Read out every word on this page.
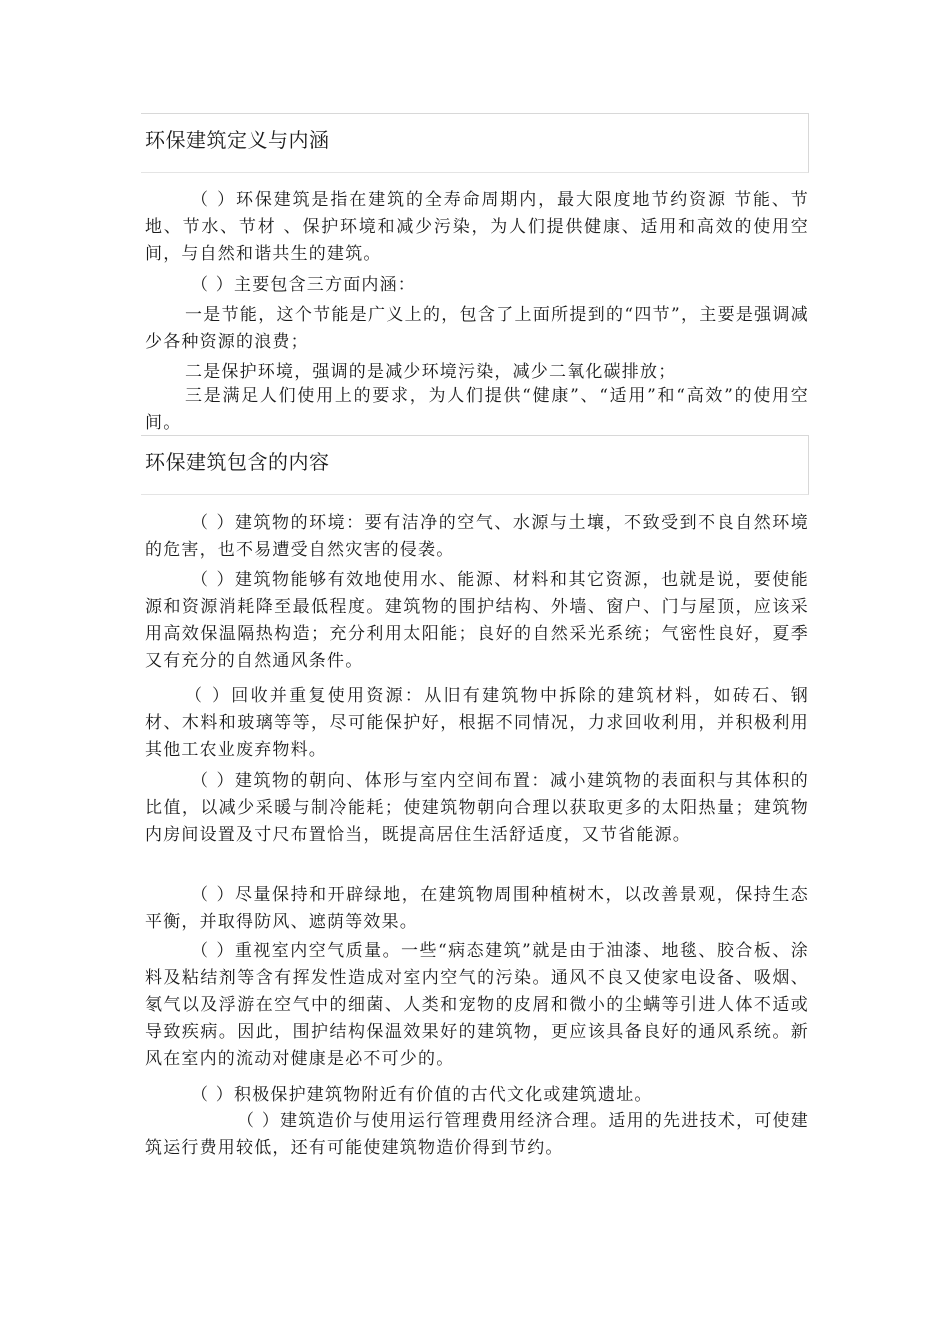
环保建筑定义与内涵

（ ）环保建筑是指在建筑的全寿命周期内，最大限度地节约资源 节能、节地、节水、节材 、保护环境和减少污染，为人们提供健康、适用和高效的使用空间，与自然和谐共生的建筑。

（ ）主要包含三方面内涵：

一是节能，这个节能是广义上的，包含了上面所提到的“四节”，主要是强调减少各种资源的浪费；

二是保护环境，强调的是减少环境污染，减少二氧化碳排放；

三是满足人们使用上的要求，为人们提供“健康”、“适用”和“高效”的使用空间。

环保建筑包含的内容

（ ）建筑物的环境：要有洁净的空气、水源与土壤，不致受到不良自然环境的危害，也不易遭受自然灾害的侵袭。

（ ）建筑物能够有效地使用水、能源、材料和其它资源，也就是说，要使能源和资源消耗降至最低程度。建筑物的围护结构、外墙、窗户、门与屋顶，应该采用高效保温隔热构造；充分利用太阳能；良好的自然采光系统；气密性良好，夏季又有充分的自然通风条件。

（ ）回收并重复使用资源：从旧有建筑物中拆除的建筑材料，如砖石、钢材、木料和玻璃等等，尽可能保护好，根据不同情况，力求回收利用，并积极利用其他工农业废弃物料。

（ ）建筑物的朝向、体形与室内空间布置：减小建筑物的表面积与其体积的比值，以减少采暖与制冷能耗；使建筑物朝向合理以获取更多的太阳热量；建筑物内房间设置及寸尺布置恰当，既提高居住生活舒适度，又节省能源。

（ ）尽量保持和开辟绿地，在建筑物周围种植树木，以改善景观，保持生态平衡，并取得防风、遮荫等效果。

（ ）重视室内空气质量。一些“病态建筑”就是由于油漆、地毯、胶合板、涂料及粘结剂等含有挥发性造成对室内空气的污染。通风不良又使家电设备、吸烟、氡气以及浮游在空气中的细菌、人类和宠物的皮屑和微小的尘螨等引进人体不适或导致疾病。因此，围护结构保温效果好的建筑物，更应该具备良好的通风系统。新风在室内的流动对健康是必不可少的。

（ ）积极保护建筑物附近有价值的古代文化或建筑遗址。

（ ）建筑造价与使用运行管理费用经济合理。适用的先进技术，可使建筑运行费用较低，还有可能使建筑物造价得到节约。
